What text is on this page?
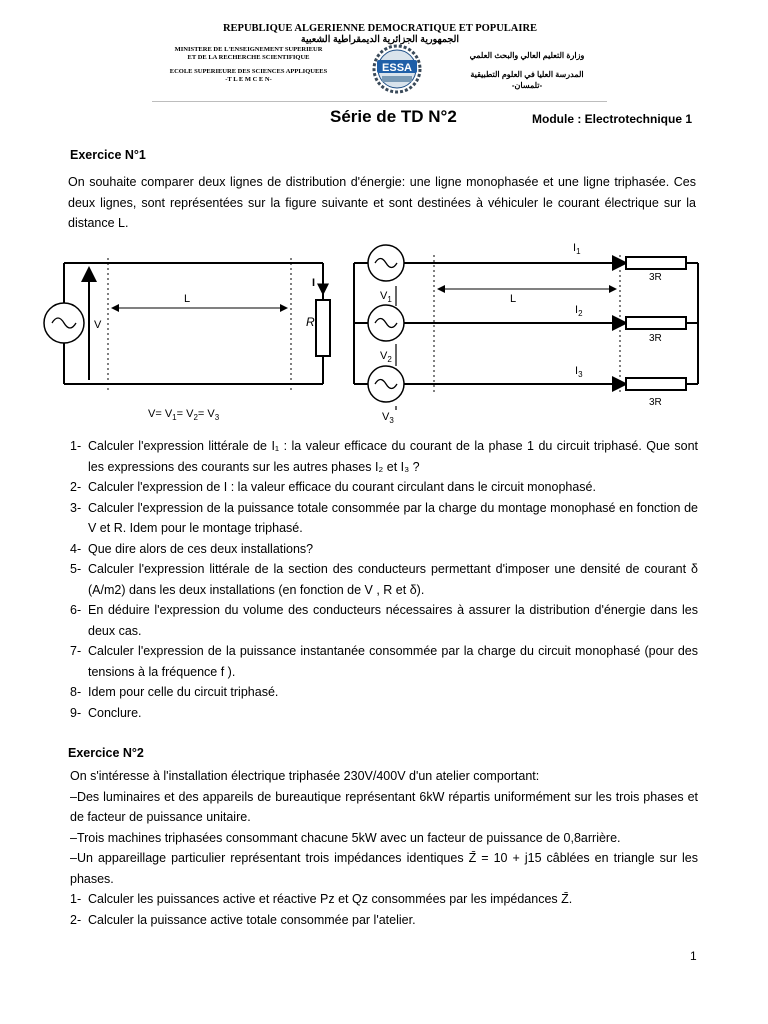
REPUBLIQUE ALGERIENNE DEMOCRATIQUE ET POPULAIRE
الجمهورية الجزائرية الديمقراطية الشعبية
MINISTERE DE L'ENSEIGNEMENT SUPERIEUR
ET DE LA RECHERCHE SCIENTIFIQUE
ECOLE SUPERIEURE DES SCIENCES APPLIQUEES
-T L E M C E N-
ESSA
وزارة التعليم العالي والبحث العلمي
المدرسة العليا في العلوم التطبيقية
-تلمسان-
Série de TD N°2	Module : Electrotechnique 1
Exercice N°1
On souhaite comparer deux lignes de distribution d'énergie: une ligne monophasée et une ligne triphasée. Ces deux lignes, sont représentées sur la figure suivante et sont destinées à véhiculer le courant électrique sur la distance L.
V	R
I
L
$V= V_1= V_2= V_3$
$I_1$
3R
$V_1$
$I_2$
3R
$V_2$
$I_3$
3R
$V_3$
L
1- Calculer l'expression littérale de I₁ : la valeur efficace du courant de la phase 1 du circuit triphasé. Que sont les expressions des courants sur les autres phases I₂ et I₃ ?
2- Calculer l'expression de I : la valeur efficace du courant circulant dans le circuit monophasé.
3- Calculer l'expression de la puissance totale consommée par la charge du montage monophasé en fonction de V et R. Idem pour le montage triphasé.
4- Que dire alors de ces deux installations?
5- Calculer l'expression littérale de la section des conducteurs permettant d'imposer une densité de courant δ (A/m2) dans les deux installations (en fonction de V , R et δ).
6- En déduire l'expression du volume des conducteurs nécessaires à assurer la distribution d'énergie dans les deux cas.
7- Calculer l'expression de la puissance instantanée consommée par la charge du circuit monophasé (pour des tensions à la fréquence f ).
8- Idem pour celle du circuit triphasé.
9- Conclure.
Exercice N°2
On s'intéresse à l'installation électrique triphasée 230V/400V d'un atelier comportant:
–Des luminaires et des appareils de bureautique représentant 6kW répartis uniformément sur les trois phases et de facteur de puissance unitaire.
–Trois machines triphasées consommant chacune 5kW avec un facteur de puissance de 0,8arrière.
–Un appareillage particulier représentant trois impédances identiques Z̄ = 10 + j15 câblées en triangle sur les phases.
1- Calculer les puissances active et réactive Pz et Qz consommées par les impédances Z̄.
2- Calculer la puissance active totale consommée par l'atelier.
1
